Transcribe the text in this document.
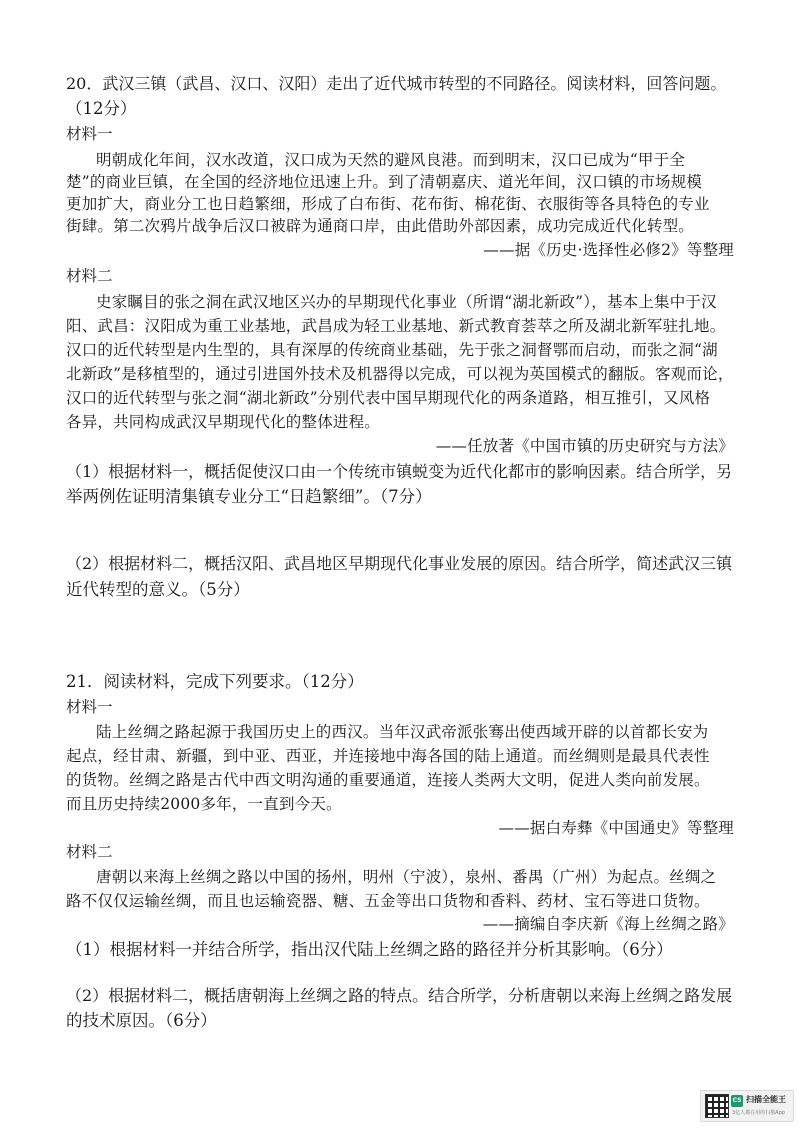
20．武汉三镇（武昌、汉口、汉阳）走出了近代城市转型的不同路径。阅读材料，回答问题。
（12分）
材料一
明朝成化年间，汉水改道，汉口成为天然的避风良港。而到明末，汉口已成为“甲于全
楚”的商业巨镇，在全国的经济地位迅速上升。到了清朝嘉庆、道光年间，汉口镇的市场规模
更加扩大，商业分工也日趋繁细，形成了白布街、花布街、棉花街、衣服街等各具特色的专业
街肆。第二次鸦片战争后汉口被辟为通商口岸，由此借助外部因素，成功完成近代化转型。
——据《历史·选择性必修2》等整理
材料二
史家瞩目的张之洞在武汉地区兴办的早期现代化事业（所谓“湖北新政”），基本上集中于汉
阳、武昌：汉阳成为重工业基地，武昌成为轻工业基地、新式教育荟萃之所及湖北新军驻扎地。
汉口的近代转型是内生型的，具有深厚的传统商业基础，先于张之洞督鄂而启动，而张之洞“湖
北新政”是移植型的，通过引进国外技术及机器得以完成，可以视为英国模式的翻版。客观而论，
汉口的近代转型与张之洞“湖北新政”分别代表中国早期现代化的两条道路，相互推引，又风格
各异，共同构成武汉早期现代化的整体进程。
——任放著《中国市镇的历史研究与方法》
（1）根据材料一，概括促使汉口由一个传统市镇蜕变为近代化都市的影响因素。结合所学，另
举两例佐证明清集镇专业分工“日趋繁细”。（7分）
（2）根据材料二，概括汉阳、武昌地区早期现代化事业发展的原因。结合所学，简述武汉三镇
近代转型的意义。（5分）
21．阅读材料，完成下列要求。（12分）
材料一
陆上丝绸之路起源于我国历史上的西汉。当年汉武帝派张骞出使西域开辟的以首都长安为
起点，经甘肃、新疆，到中亚、西亚，并连接地中海各国的陆上通道。而丝绸则是最具代表性
的货物。丝绸之路是古代中西文明沟通的重要通道，连接人类两大文明，促进人类向前发展。
而且历史持续2000多年，一直到今天。
——据白寿彝《中国通史》等整理
材料二
唐朝以来海上丝绸之路以中国的扬州，明州（宁波），泉州、番禺（广州）为起点。丝绸之
路不仅仅运输丝绸，而且也运输瓷器、糖、五金等出口货物和香料、药材、宝石等进口货物。
——摘编自李庆新《海上丝绸之路》
（1）根据材料一并结合所学，指出汉代陆上丝绸之路的路径并分析其影响。（6分）
（2）根据材料二，概括唐朝海上丝绸之路的特点。结合所学，分析唐朝以来海上丝绸之路发展
的技术原因。（6分）
CS 扫描全能王
3亿人都在用的扫描App
